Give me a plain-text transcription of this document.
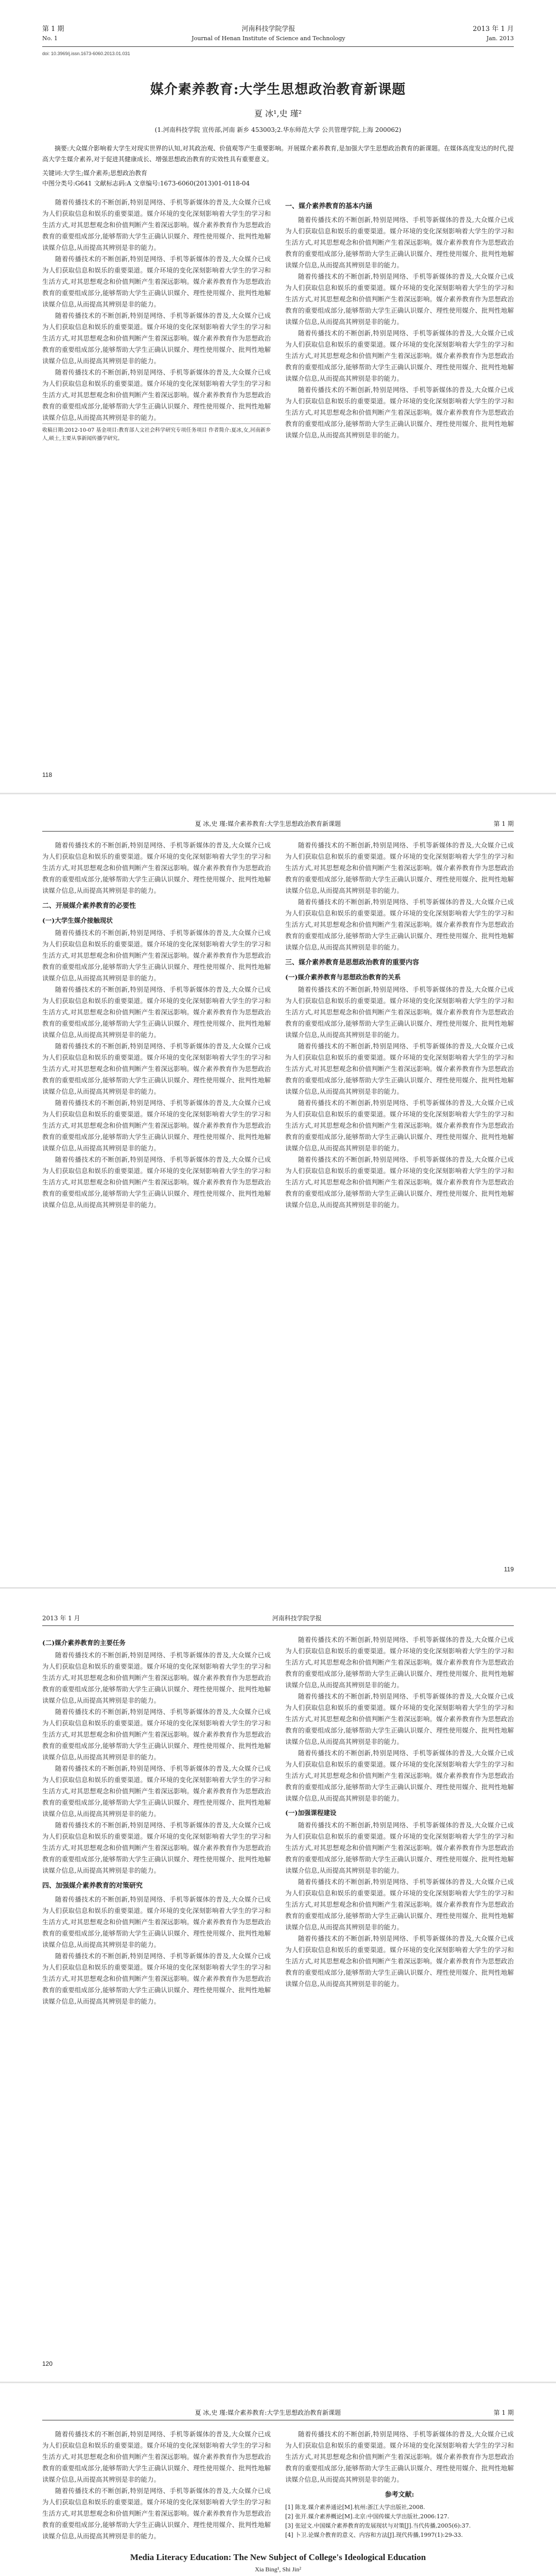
第 1 期
No. 1
河南科技学院学报
Journal of Henan Institute of Science and Technology
2013 年 1 月
Jan. 2013
doi: 10.3969/j.issn.1673-6060.2013.01.031
媒介素养教育:大学生思想政治教育新课题
夏 冰¹,史 瑾²
(1.河南科技学院 宣传部,河南 新乡 453003;2.华东师范大学 公共管理学院,上海 200062)
摘要:大众媒介影响着大学生对现实世界的认知,对其政治观、价值观等产生重要影响。开展媒介素养教育,是加强大学生思想政治教育的新课题。在媒体高度发达的时代,提高大学生媒介素养,对于促进其健康成长、增强思想政治教育的实效性具有重要意义。
关键词:大学生;媒介素养;思想政治教育
中图分类号:G641 文献标志码:A 文章编号:1673-6060(2013)01-0118-04

随着传播技术的不断创新,特别是网络、手机等新媒体的普及,大众媒介已成为人们获取信息和娱乐的重要渠道。媒介环境的变化深刻影响着大学生的学习和生活方式,对其思想观念和价值判断产生着深远影响。媒介素养教育作为思想政治教育的重要组成部分,能够帮助大学生正确认识媒介、理性使用媒介、批判性地解读媒介信息,从而提高其辨别是非的能力。

随着传播技术的不断创新,特别是网络、手机等新媒体的普及,大众媒介已成为人们获取信息和娱乐的重要渠道。媒介环境的变化深刻影响着大学生的学习和生活方式,对其思想观念和价值判断产生着深远影响。媒介素养教育作为思想政治教育的重要组成部分,能够帮助大学生正确认识媒介、理性使用媒介、批判性地解读媒介信息,从而提高其辨别是非的能力。

随着传播技术的不断创新,特别是网络、手机等新媒体的普及,大众媒介已成为人们获取信息和娱乐的重要渠道。媒介环境的变化深刻影响着大学生的学习和生活方式,对其思想观念和价值判断产生着深远影响。媒介素养教育作为思想政治教育的重要组成部分,能够帮助大学生正确认识媒介、理性使用媒介、批判性地解读媒介信息,从而提高其辨别是非的能力。

随着传播技术的不断创新,特别是网络、手机等新媒体的普及,大众媒介已成为人们获取信息和娱乐的重要渠道。媒介环境的变化深刻影响着大学生的学习和生活方式,对其思想观念和价值判断产生着深远影响。媒介素养教育作为思想政治教育的重要组成部分,能够帮助大学生正确认识媒介、理性使用媒介、批判性地解读媒介信息,从而提高其辨别是非的能力。

收稿日期:2012-10-07 基金项目:教育部人文社会科学研究专项任务项目 作者简介:夏冰,女,河南新乡人,硕士,主要从事新闻传播学研究。

一、媒介素养教育的基本内涵

随着传播技术的不断创新,特别是网络、手机等新媒体的普及,大众媒介已成为人们获取信息和娱乐的重要渠道。媒介环境的变化深刻影响着大学生的学习和生活方式,对其思想观念和价值判断产生着深远影响。媒介素养教育作为思想政治教育的重要组成部分,能够帮助大学生正确认识媒介、理性使用媒介、批判性地解读媒介信息,从而提高其辨别是非的能力。

随着传播技术的不断创新,特别是网络、手机等新媒体的普及,大众媒介已成为人们获取信息和娱乐的重要渠道。媒介环境的变化深刻影响着大学生的学习和生活方式,对其思想观念和价值判断产生着深远影响。媒介素养教育作为思想政治教育的重要组成部分,能够帮助大学生正确认识媒介、理性使用媒介、批判性地解读媒介信息,从而提高其辨别是非的能力。

随着传播技术的不断创新,特别是网络、手机等新媒体的普及,大众媒介已成为人们获取信息和娱乐的重要渠道。媒介环境的变化深刻影响着大学生的学习和生活方式,对其思想观念和价值判断产生着深远影响。媒介素养教育作为思想政治教育的重要组成部分,能够帮助大学生正确认识媒介、理性使用媒介、批判性地解读媒介信息,从而提高其辨别是非的能力。

随着传播技术的不断创新,特别是网络、手机等新媒体的普及,大众媒介已成为人们获取信息和娱乐的重要渠道。媒介环境的变化深刻影响着大学生的学习和生活方式,对其思想观念和价值判断产生着深远影响。媒介素养教育作为思想政治教育的重要组成部分,能够帮助大学生正确认识媒介、理性使用媒介、批判性地解读媒介信息,从而提高其辨别是非的能力。

118
夏 冰,史 瑾:媒介素养教育:大学生思想政治教育新课题	第 1 期

随着传播技术的不断创新,特别是网络、手机等新媒体的普及,大众媒介已成为人们获取信息和娱乐的重要渠道。媒介环境的变化深刻影响着大学生的学习和生活方式,对其思想观念和价值判断产生着深远影响。媒介素养教育作为思想政治教育的重要组成部分,能够帮助大学生正确认识媒介、理性使用媒介、批判性地解读媒介信息,从而提高其辨别是非的能力。

二、开展媒介素养教育的必要性
(一)大学生媒介接触现状

随着传播技术的不断创新,特别是网络、手机等新媒体的普及,大众媒介已成为人们获取信息和娱乐的重要渠道。媒介环境的变化深刻影响着大学生的学习和生活方式,对其思想观念和价值判断产生着深远影响。媒介素养教育作为思想政治教育的重要组成部分,能够帮助大学生正确认识媒介、理性使用媒介、批判性地解读媒介信息,从而提高其辨别是非的能力。

随着传播技术的不断创新,特别是网络、手机等新媒体的普及,大众媒介已成为人们获取信息和娱乐的重要渠道。媒介环境的变化深刻影响着大学生的学习和生活方式,对其思想观念和价值判断产生着深远影响。媒介素养教育作为思想政治教育的重要组成部分,能够帮助大学生正确认识媒介、理性使用媒介、批判性地解读媒介信息,从而提高其辨别是非的能力。

随着传播技术的不断创新,特别是网络、手机等新媒体的普及,大众媒介已成为人们获取信息和娱乐的重要渠道。媒介环境的变化深刻影响着大学生的学习和生活方式,对其思想观念和价值判断产生着深远影响。媒介素养教育作为思想政治教育的重要组成部分,能够帮助大学生正确认识媒介、理性使用媒介、批判性地解读媒介信息,从而提高其辨别是非的能力。

随着传播技术的不断创新,特别是网络、手机等新媒体的普及,大众媒介已成为人们获取信息和娱乐的重要渠道。媒介环境的变化深刻影响着大学生的学习和生活方式,对其思想观念和价值判断产生着深远影响。媒介素养教育作为思想政治教育的重要组成部分,能够帮助大学生正确认识媒介、理性使用媒介、批判性地解读媒介信息,从而提高其辨别是非的能力。

随着传播技术的不断创新,特别是网络、手机等新媒体的普及,大众媒介已成为人们获取信息和娱乐的重要渠道。媒介环境的变化深刻影响着大学生的学习和生活方式,对其思想观念和价值判断产生着深远影响。媒介素养教育作为思想政治教育的重要组成部分,能够帮助大学生正确认识媒介、理性使用媒介、批判性地解读媒介信息,从而提高其辨别是非的能力。

随着传播技术的不断创新,特别是网络、手机等新媒体的普及,大众媒介已成为人们获取信息和娱乐的重要渠道。媒介环境的变化深刻影响着大学生的学习和生活方式,对其思想观念和价值判断产生着深远影响。媒介素养教育作为思想政治教育的重要组成部分,能够帮助大学生正确认识媒介、理性使用媒介、批判性地解读媒介信息,从而提高其辨别是非的能力。

随着传播技术的不断创新,特别是网络、手机等新媒体的普及,大众媒介已成为人们获取信息和娱乐的重要渠道。媒介环境的变化深刻影响着大学生的学习和生活方式,对其思想观念和价值判断产生着深远影响。媒介素养教育作为思想政治教育的重要组成部分,能够帮助大学生正确认识媒介、理性使用媒介、批判性地解读媒介信息,从而提高其辨别是非的能力。

三、媒介素养教育是思想政治教育的重要内容
(一)媒介素养教育与思想政治教育的关系

随着传播技术的不断创新,特别是网络、手机等新媒体的普及,大众媒介已成为人们获取信息和娱乐的重要渠道。媒介环境的变化深刻影响着大学生的学习和生活方式,对其思想观念和价值判断产生着深远影响。媒介素养教育作为思想政治教育的重要组成部分,能够帮助大学生正确认识媒介、理性使用媒介、批判性地解读媒介信息,从而提高其辨别是非的能力。

随着传播技术的不断创新,特别是网络、手机等新媒体的普及,大众媒介已成为人们获取信息和娱乐的重要渠道。媒介环境的变化深刻影响着大学生的学习和生活方式,对其思想观念和价值判断产生着深远影响。媒介素养教育作为思想政治教育的重要组成部分,能够帮助大学生正确认识媒介、理性使用媒介、批判性地解读媒介信息,从而提高其辨别是非的能力。

随着传播技术的不断创新,特别是网络、手机等新媒体的普及,大众媒介已成为人们获取信息和娱乐的重要渠道。媒介环境的变化深刻影响着大学生的学习和生活方式,对其思想观念和价值判断产生着深远影响。媒介素养教育作为思想政治教育的重要组成部分,能够帮助大学生正确认识媒介、理性使用媒介、批判性地解读媒介信息,从而提高其辨别是非的能力。

随着传播技术的不断创新,特别是网络、手机等新媒体的普及,大众媒介已成为人们获取信息和娱乐的重要渠道。媒介环境的变化深刻影响着大学生的学习和生活方式,对其思想观念和价值判断产生着深远影响。媒介素养教育作为思想政治教育的重要组成部分,能够帮助大学生正确认识媒介、理性使用媒介、批判性地解读媒介信息,从而提高其辨别是非的能力。

119
2013 年 1 月	河南科技学院学报
(二)媒介素养教育的主要任务

随着传播技术的不断创新,特别是网络、手机等新媒体的普及,大众媒介已成为人们获取信息和娱乐的重要渠道。媒介环境的变化深刻影响着大学生的学习和生活方式,对其思想观念和价值判断产生着深远影响。媒介素养教育作为思想政治教育的重要组成部分,能够帮助大学生正确认识媒介、理性使用媒介、批判性地解读媒介信息,从而提高其辨别是非的能力。

随着传播技术的不断创新,特别是网络、手机等新媒体的普及,大众媒介已成为人们获取信息和娱乐的重要渠道。媒介环境的变化深刻影响着大学生的学习和生活方式,对其思想观念和价值判断产生着深远影响。媒介素养教育作为思想政治教育的重要组成部分,能够帮助大学生正确认识媒介、理性使用媒介、批判性地解读媒介信息,从而提高其辨别是非的能力。

随着传播技术的不断创新,特别是网络、手机等新媒体的普及,大众媒介已成为人们获取信息和娱乐的重要渠道。媒介环境的变化深刻影响着大学生的学习和生活方式,对其思想观念和价值判断产生着深远影响。媒介素养教育作为思想政治教育的重要组成部分,能够帮助大学生正确认识媒介、理性使用媒介、批判性地解读媒介信息,从而提高其辨别是非的能力。

随着传播技术的不断创新,特别是网络、手机等新媒体的普及,大众媒介已成为人们获取信息和娱乐的重要渠道。媒介环境的变化深刻影响着大学生的学习和生活方式,对其思想观念和价值判断产生着深远影响。媒介素养教育作为思想政治教育的重要组成部分,能够帮助大学生正确认识媒介、理性使用媒介、批判性地解读媒介信息,从而提高其辨别是非的能力。

四、加强媒介素养教育的对策研究

随着传播技术的不断创新,特别是网络、手机等新媒体的普及,大众媒介已成为人们获取信息和娱乐的重要渠道。媒介环境的变化深刻影响着大学生的学习和生活方式,对其思想观念和价值判断产生着深远影响。媒介素养教育作为思想政治教育的重要组成部分,能够帮助大学生正确认识媒介、理性使用媒介、批判性地解读媒介信息,从而提高其辨别是非的能力。

随着传播技术的不断创新,特别是网络、手机等新媒体的普及,大众媒介已成为人们获取信息和娱乐的重要渠道。媒介环境的变化深刻影响着大学生的学习和生活方式,对其思想观念和价值判断产生着深远影响。媒介素养教育作为思想政治教育的重要组成部分,能够帮助大学生正确认识媒介、理性使用媒介、批判性地解读媒介信息,从而提高其辨别是非的能力。

随着传播技术的不断创新,特别是网络、手机等新媒体的普及,大众媒介已成为人们获取信息和娱乐的重要渠道。媒介环境的变化深刻影响着大学生的学习和生活方式,对其思想观念和价值判断产生着深远影响。媒介素养教育作为思想政治教育的重要组成部分,能够帮助大学生正确认识媒介、理性使用媒介、批判性地解读媒介信息,从而提高其辨别是非的能力。

随着传播技术的不断创新,特别是网络、手机等新媒体的普及,大众媒介已成为人们获取信息和娱乐的重要渠道。媒介环境的变化深刻影响着大学生的学习和生活方式,对其思想观念和价值判断产生着深远影响。媒介素养教育作为思想政治教育的重要组成部分,能够帮助大学生正确认识媒介、理性使用媒介、批判性地解读媒介信息,从而提高其辨别是非的能力。

随着传播技术的不断创新,特别是网络、手机等新媒体的普及,大众媒介已成为人们获取信息和娱乐的重要渠道。媒介环境的变化深刻影响着大学生的学习和生活方式,对其思想观念和价值判断产生着深远影响。媒介素养教育作为思想政治教育的重要组成部分,能够帮助大学生正确认识媒介、理性使用媒介、批判性地解读媒介信息,从而提高其辨别是非的能力。

(一)加强课程建设

随着传播技术的不断创新,特别是网络、手机等新媒体的普及,大众媒介已成为人们获取信息和娱乐的重要渠道。媒介环境的变化深刻影响着大学生的学习和生活方式,对其思想观念和价值判断产生着深远影响。媒介素养教育作为思想政治教育的重要组成部分,能够帮助大学生正确认识媒介、理性使用媒介、批判性地解读媒介信息,从而提高其辨别是非的能力。

随着传播技术的不断创新,特别是网络、手机等新媒体的普及,大众媒介已成为人们获取信息和娱乐的重要渠道。媒介环境的变化深刻影响着大学生的学习和生活方式,对其思想观念和价值判断产生着深远影响。媒介素养教育作为思想政治教育的重要组成部分,能够帮助大学生正确认识媒介、理性使用媒介、批判性地解读媒介信息,从而提高其辨别是非的能力。

随着传播技术的不断创新,特别是网络、手机等新媒体的普及,大众媒介已成为人们获取信息和娱乐的重要渠道。媒介环境的变化深刻影响着大学生的学习和生活方式,对其思想观念和价值判断产生着深远影响。媒介素养教育作为思想政治教育的重要组成部分,能够帮助大学生正确认识媒介、理性使用媒介、批判性地解读媒介信息,从而提高其辨别是非的能力。

120
夏 冰,史 瑾:媒介素养教育:大学生思想政治教育新课题	第 1 期

随着传播技术的不断创新,特别是网络、手机等新媒体的普及,大众媒介已成为人们获取信息和娱乐的重要渠道。媒介环境的变化深刻影响着大学生的学习和生活方式,对其思想观念和价值判断产生着深远影响。媒介素养教育作为思想政治教育的重要组成部分,能够帮助大学生正确认识媒介、理性使用媒介、批判性地解读媒介信息,从而提高其辨别是非的能力。

随着传播技术的不断创新,特别是网络、手机等新媒体的普及,大众媒介已成为人们获取信息和娱乐的重要渠道。媒介环境的变化深刻影响着大学生的学习和生活方式,对其思想观念和价值判断产生着深远影响。媒介素养教育作为思想政治教育的重要组成部分,能够帮助大学生正确认识媒介、理性使用媒介、批判性地解读媒介信息,从而提高其辨别是非的能力。

随着传播技术的不断创新,特别是网络、手机等新媒体的普及,大众媒介已成为人们获取信息和娱乐的重要渠道。媒介环境的变化深刻影响着大学生的学习和生活方式,对其思想观念和价值判断产生着深远影响。媒介素养教育作为思想政治教育的重要组成部分,能够帮助大学生正确认识媒介、理性使用媒介、批判性地解读媒介信息,从而提高其辨别是非的能力。

参考文献:
[1] 陈龙.媒介素养通论[M].杭州:浙江大学出版社,2008.
[2] 张开.媒介素养概论[M].北京:中国传媒大学出版社,2006:127.
[3] 张冠文.中国媒介素养教育的发展现状与对策[J].当代传播,2005(6):37.
[4] 卜卫.论媒介教育的意义、内容和方法[J].现代传播,1997(1):29-33.
Media Literacy Education: The New Subject of College's Ideological Education
Xia Bing¹, Shi Jin²
